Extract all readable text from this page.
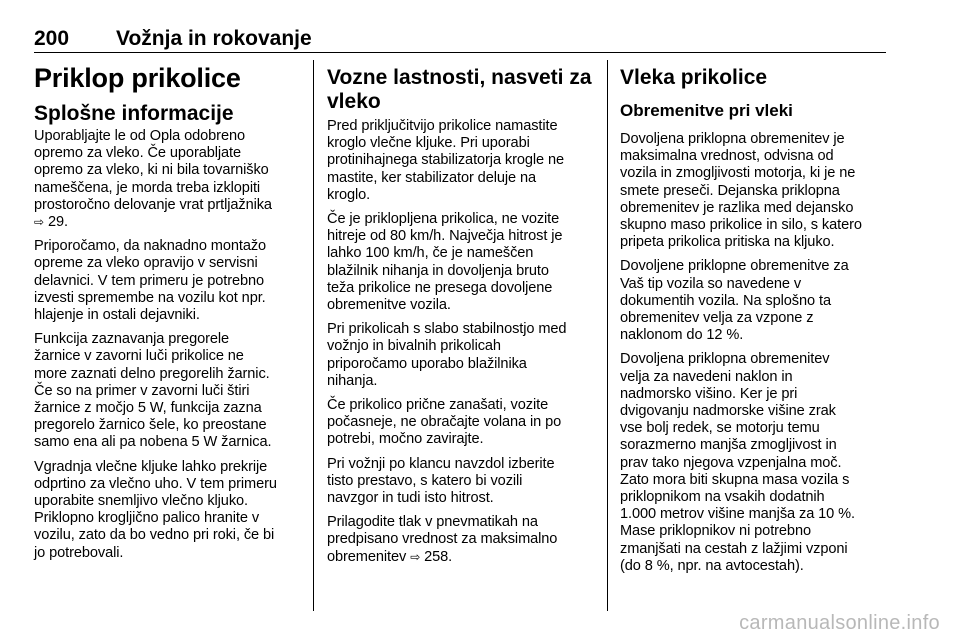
200 Vožnja in rokovanje
Priklop prikolice
Splošne informacije

Uporabljajte le od Opla odobreno
opremo za vleko. Če uporabljate
opremo za vleko, ki ni bila tovarniško
nameščena, je morda treba izklopiti
prostoročno delovanje vrat prtljažnika
⇨ 29.

Priporočamo, da naknadno montažo
opreme za vleko opravijo v servisni
delavnici. V tem primeru je potrebno
izvesti spremembe na vozilu kot npr.
hlajenje in ostali dejavniki.

Funkcija zaznavanja pregorele
žarnice v zavorni luči prikolice ne
more zaznati delno pregorelih žarnic.
Če so na primer v zavorni luči štiri
žarnice z močjo 5 W, funkcija zazna
pregorelo žarnico šele, ko preostane
samo ena ali pa nobena 5 W žarnica.

Vgradnja vlečne kljuke lahko prekrije
odprtino za vlečno uho. V tem primeru
uporabite snemljivo vlečno kljuko.
Priklopno krogljično palico hranite v
vozilu, zato da bo vedno pri roki, če bi
jo potrebovali.

Vozne lastnosti, nasveti za
vleko

Pred priključitvijo prikolice namastite
kroglo vlečne kljuke. Pri uporabi
protinihajnega stabilizatorja krogle ne
mastite, ker stabilizator deluje na
kroglo.

Če je priklopljena prikolica, ne vozite
hitreje od 80 km/h. Največja hitrost je
lahko 100 km/h, če je nameščen
blažilnik nihanja in dovoljenja bruto
teža prikolice ne presega dovoljene
obremenitve vozila.

Pri prikolicah s slabo stabilnostjo med
vožnjo in bivalnih prikolicah
priporočamo uporabo blažilnika
nihanja.

Če prikolico prične zanašati, vozite
počasneje, ne obračajte volana in po
potrebi, močno zavirajte.

Pri vožnji po klancu navzdol izberite
tisto prestavo, s katero bi vozili
navzgor in tudi isto hitrost.

Prilagodite tlak v pnevmatikah na
predpisano vrednost za maksimalno
obremenitev ⇨ 258.

Vleka prikolice
Obremenitve pri vleki

Dovoljena priklopna obremenitev je
maksimalna vrednost, odvisna od
vozila in zmogljivosti motorja, ki je ne
smete preseči. Dejanska priklopna
obremenitev je razlika med dejansko
skupno maso prikolice in silo, s katero
pripeta prikolica pritiska na kljuko.

Dovoljene priklopne obremenitve za
Vaš tip vozila so navedene v
dokumentih vozila. Na splošno ta
obremenitev velja za vzpone z
naklonom do 12 %.

Dovoljena priklopna obremenitev
velja za navedeni naklon in
nadmorsko višino. Ker je pri
dvigovanju nadmorske višine zrak
vse bolj redek, se motorju temu
sorazmerno manjša zmogljivost in
prav tako njegova vzpenjalna moč.
Zato mora biti skupna masa vozila s
priklopnikom na vsakih dodatnih
1.000 metrov višine manjša za 10 %.
Mase priklopnikov ni potrebno
zmanjšati na cestah z lažjimi vzponi
(do 8 %, npr. na avtocestah).

carmanualsonline.info
